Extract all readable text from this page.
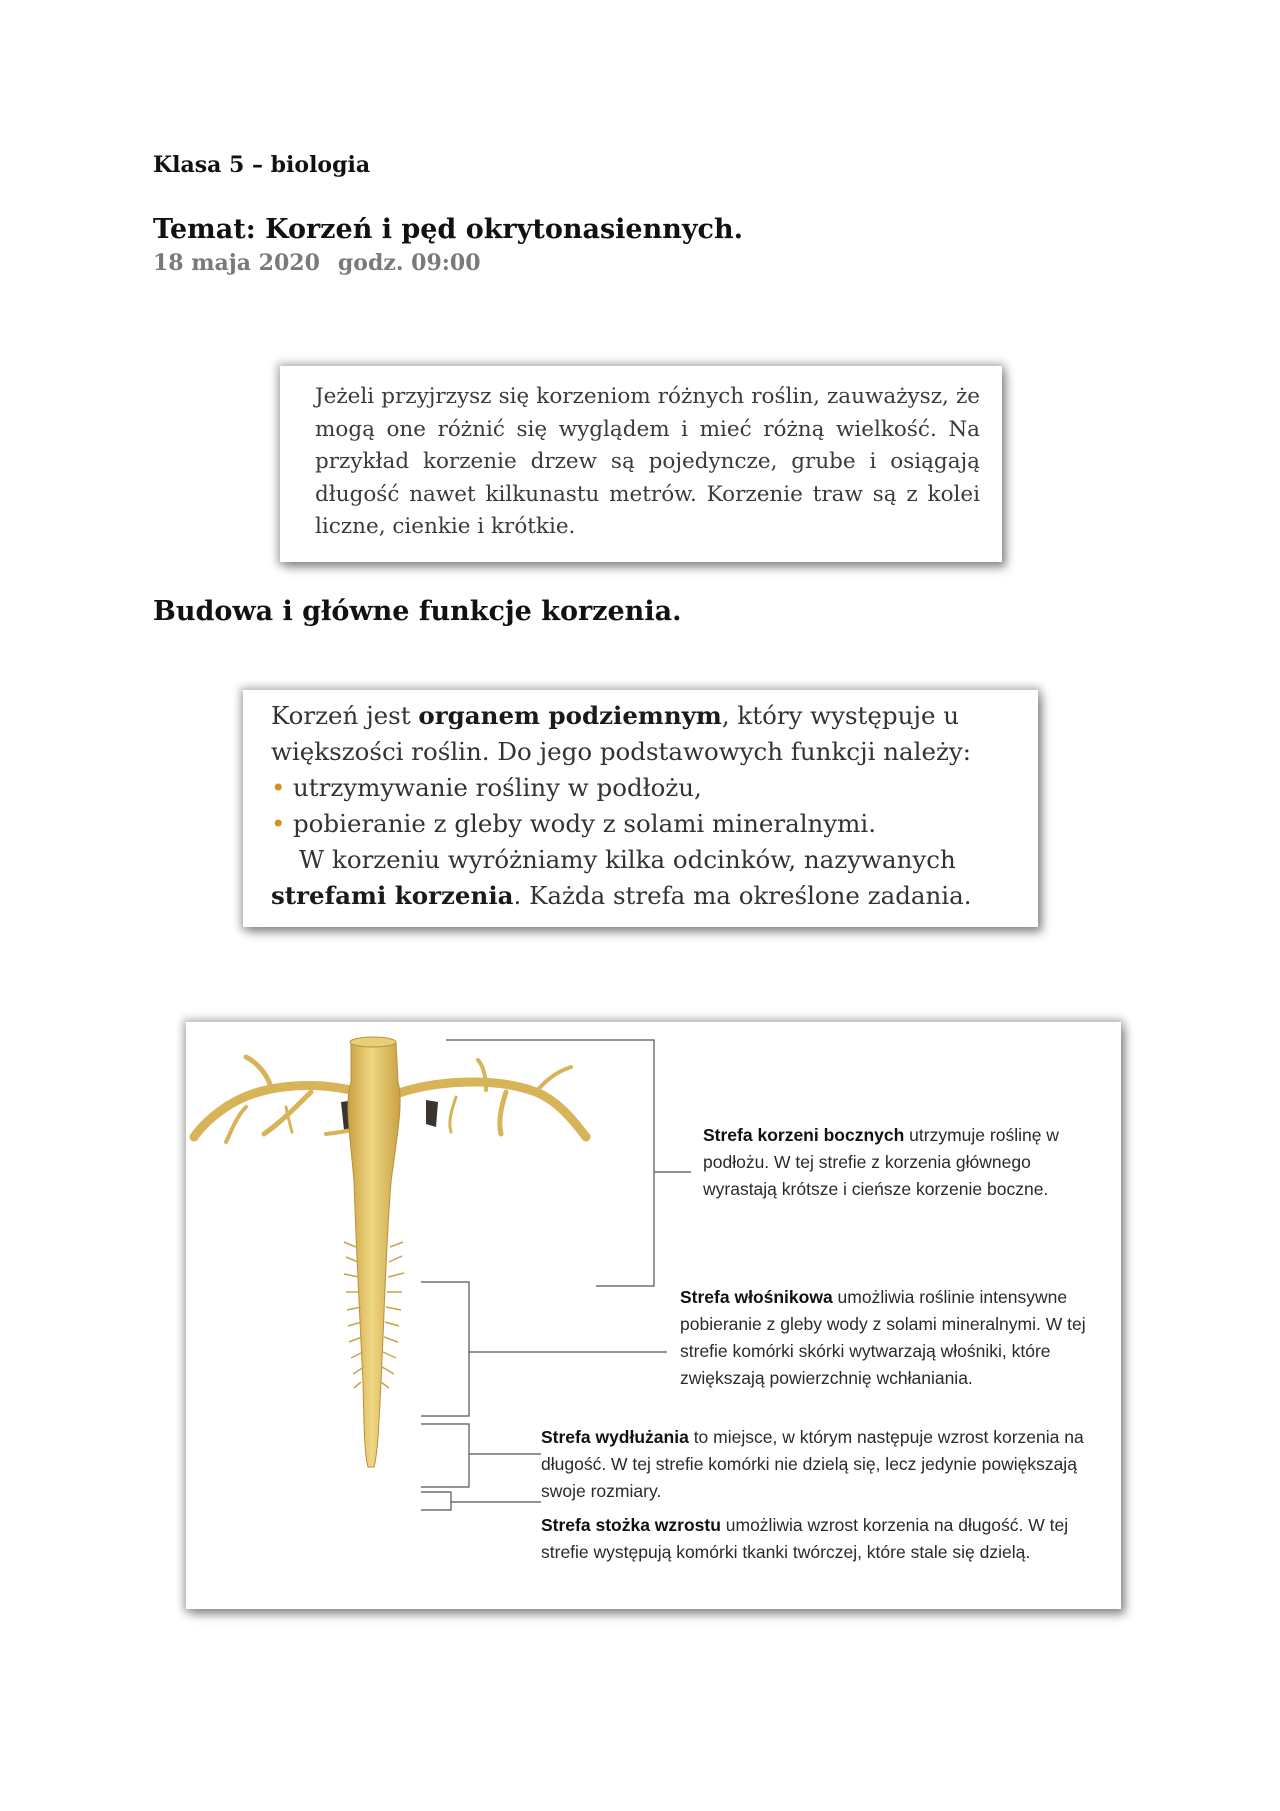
Klasa 5 – biologia
Temat: Korzeń i pęd okrytonasiennych.
18 maja 2020 godz. 09:00
Jeżeli przyjrzysz się korzeniom różnych roślin, zauważysz, że mogą one różnić się wyglądem i mieć różną wielkość. Na przykład korzenie drzew są pojedyncze, grube i osiągają długość nawet kilkunastu metrów. Korzenie traw są z kolei liczne, cienkie i krótkie.
Budowa i główne funkcje korzenia.
Korzeń jest organem podziemnym, który występuje u większości roślin. Do jego podstawowych funkcji należy:
• utrzymywanie rośliny w podłożu,
• pobieranie z gleby wody z solami mineralnymi.
W korzeniu wyróżniamy kilka odcinków, nazywanych strefami korzenia. Każda strefa ma określone zadania.
Strefa korzeni bocznych utrzymuje roślinę w podłożu. W tej strefie z korzenia głównego wyrastają krótsze i cieńsze korzenie boczne.
Strefa włośnikowa umożliwia roślinie intensywne pobieranie z gleby wody z solami mineralnymi. W tej strefie komórki skórki wytwarzają włośniki, które zwiększają powierzchnię wchłaniania.
Strefa wydłużania to miejsce, w którym następuje wzrost korzenia na długość. W tej strefie komórki nie dzielą się, lecz jedynie powiększają swoje rozmiary.
Strefa stożka wzrostu umożliwia wzrost korzenia na długość. W tej strefie występują komórki tkanki twórczej, które stale się dzielą.
